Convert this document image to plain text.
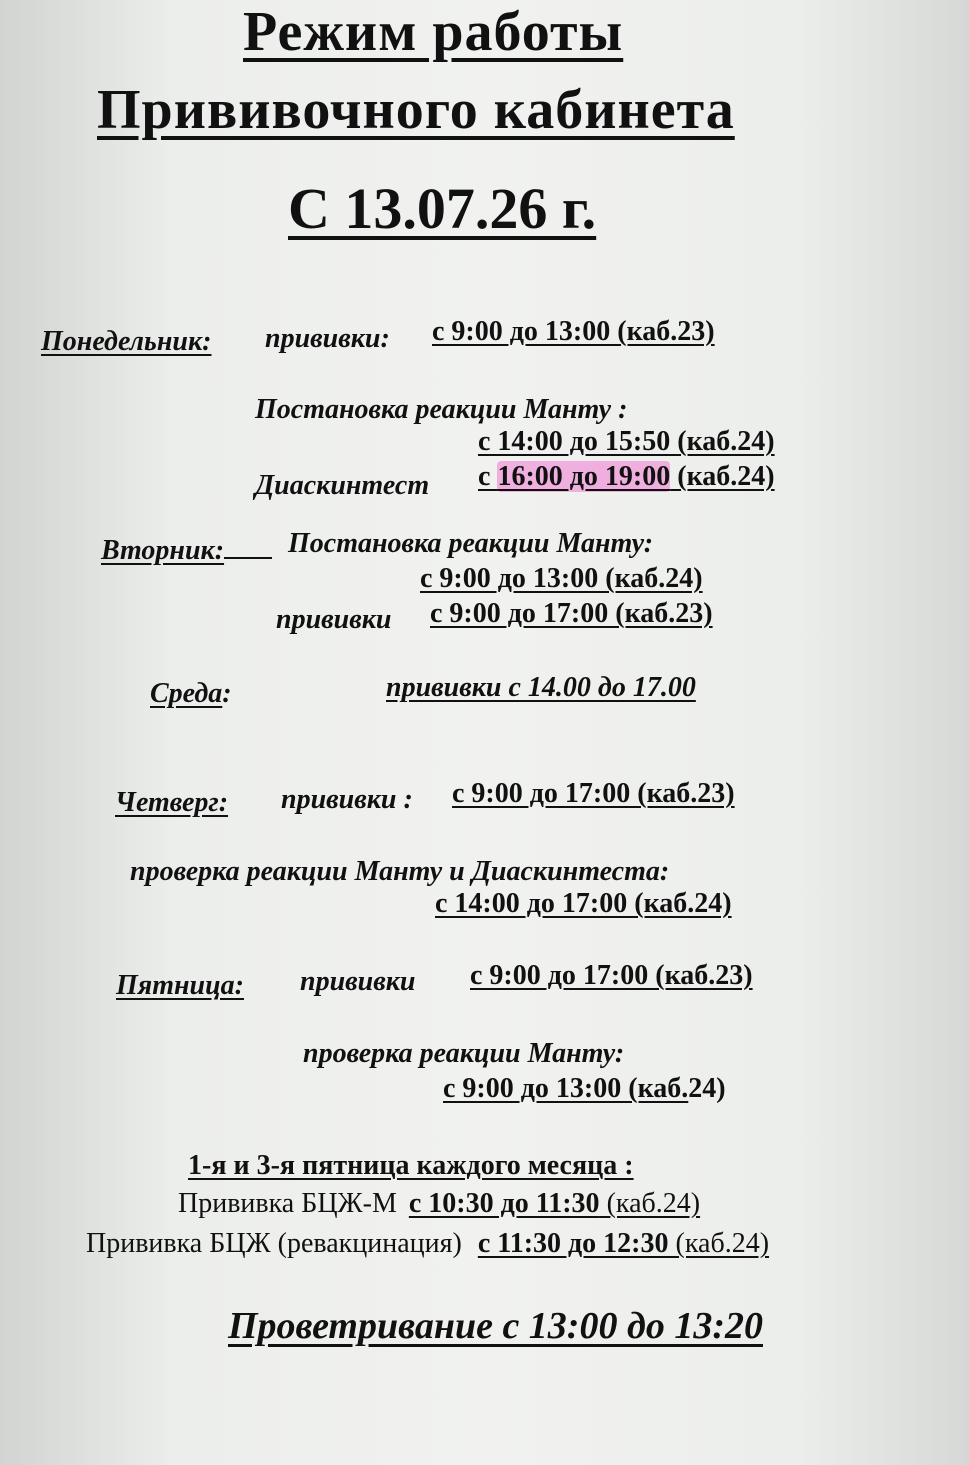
Режим работы
Прививочного кабинета
С 13.07.26 г.
Понедельник: прививки: с 9:00 до 13:00 (каб.23)
Постановка реакции Манту :
с 14:00 до 15:50 (каб.24)
Диаскинтест с 16:00 до 19:00 (каб.24)
Вторник:	Постановка реакции Манту:
с 9:00 до 13:00 (каб.24)
прививки с 9:00 до 17:00 (каб.23)
Среда:	прививки с 14.00 до 17.00
Четверг: прививки : с 9:00 до 17:00 (каб.23)
проверка реакции Манту и Диаскинтеста:
с 14:00 до 17:00 (каб.24)
Пятница: прививки с 9:00 до 17:00 (каб.23)
проверка реакции Манту:
с 9:00 до 13:00 (каб.24)
1-я и 3-я пятница каждого месяца :
Прививка БЦЖ-М с 10:30 до 11:30 (каб.24)
Прививка БЦЖ (ревакцинация) с 11:30 до 12:30 (каб.24)
Проветривание с 13:00 до 13:20
